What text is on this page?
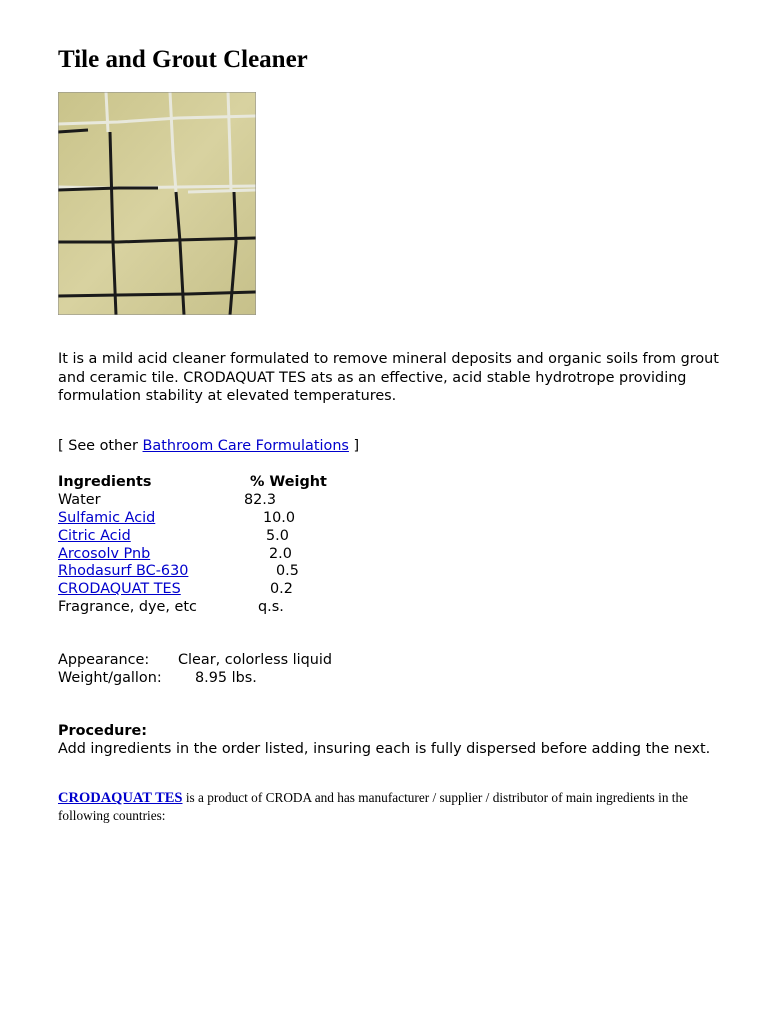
Tile and Grout Cleaner

It is a mild acid cleaner formulated to remove mineral deposits and organic soils from grout and ceramic tile. CRODAQUAT TES ats as an effective, acid stable hydrotrope providing formulation stability at elevated temperatures.

[ See other Bathroom Care Formulations ]

Ingredients	% Weight
Water	82.3
Sulfamic Acid	10.0
Citric Acid	5.0
Arcosolv Pnb	2.0
Rhodasurf BC-630	0.5
CRODAQUAT TES	0.2
Fragrance, dye, etc	q.s.
Appearance: Clear, colorless liquid
Weight/gallon: 8.95 lbs.

Procedure:

Add ingredients in the order listed, insuring each is fully dispersed before adding the next.

CRODAQUAT TES is a product of CRODA and has manufacturer / supplier / distributor of main ingredients in the following countries:
